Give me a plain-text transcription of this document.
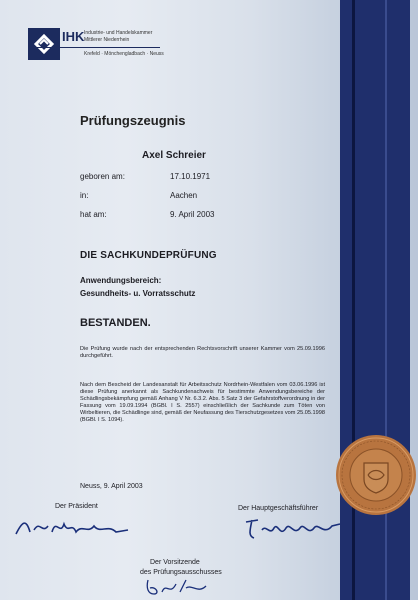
IHK Industrie- und Handelskammer
Mittlerer Niederrhein
Krefeld · Mönchengladbach · Neuss
Prüfungszeugnis
Axel Schreier
geboren am:	17.10.1971
in:	Aachen
hat am:	9. April 2003
DIE SACHKUNDEPRÜFUNG
Anwendungsbereich:
Gesundheits- u. Vorratsschutz
BESTANDEN.
Die Prüfung wurde nach der entsprechenden Rechtsvorschrift unserer Kammer vom 25.09.1996 durchgeführt.
Nach dem Bescheid der Landesanstalt für Arbeitsschutz Nordrhein-Westfalen vom 03.06.1996 ist diese Prüfung anerkannt als Sachkundenachweis für bestimmte Anwendungsbereiche der Schädlingsbekämpfung gemäß Anhang V Nr. 6.3.2. Abs. 5 Satz 3 der Gefahrstoffverordnung in der Fassung vom 19.09.1994 (BGBl. I S. 2557) einschließlich der Sachkunde zum Töten von Wirbeltieren, die Schädlinge sind, gemäß der Neufassung des Tierschutzgesetzes vom 25.05.1998 (BGBl. I S. 1094).
Neuss, 9. April 2003
Der Präsident	Der Hauptgeschäftsführer
Der Vorsitzende
des Prüfungsausschusses
